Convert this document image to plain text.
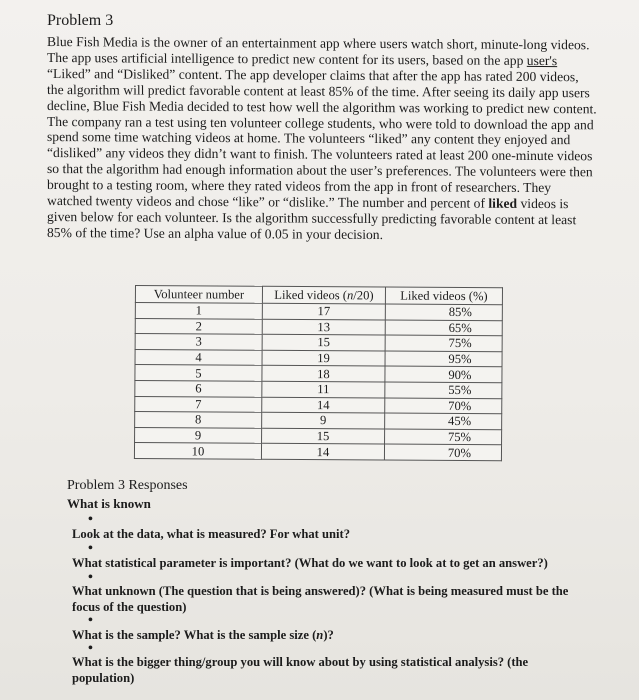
Problem 3

Blue Fish Media is the owner of an entertainment app where users watch short, minute-long videos. The app uses artificial intelligence to predict new content for its users, based on the app user's “Liked” and “Disliked” content. The app developer claims that after the app has rated 200 videos, the algorithm will predict favorable content at least 85% of the time. After seeing its daily app users decline, Blue Fish Media decided to test how well the algorithm was working to predict new content. The company ran a test using ten volunteer college students, who were told to download the app and spend some time watching videos at home. The volunteers “liked” any content they enjoyed and “disliked” any videos they didn’t want to finish. The volunteers rated at least 200 one-minute videos so that the algorithm had enough information about the user’s preferences. The volunteers were then brought to a testing room, where they rated videos from the app in front of researchers. They watched twenty videos and chose “like” or “dislike.” The number and percent of liked videos is given below for each volunteer. Is the algorithm successfully predicting favorable content at least 85% of the time? Use an alpha value of 0.05 in your decision.

Volunteer number	Liked videos (n/20)	Liked videos (%)
1	17	85%
2	13	65%
3	15	75%
4	19	95%
5	18	90%
6	11	55%
7	14	70%
8	9	45%
9	15	75%
10	14	70%
Problem 3 Responses
What is known
•
Look at the data, what is measured? For what unit?
•
What statistical parameter is important? (What do we want to look at to get an answer?)
•
What unknown (The question that is being answered)? (What is being measured must be the focus of the question)
•
What is the sample? What is the sample size (n)?
•
What is the bigger thing/group you will know about by using statistical analysis? (the population)
